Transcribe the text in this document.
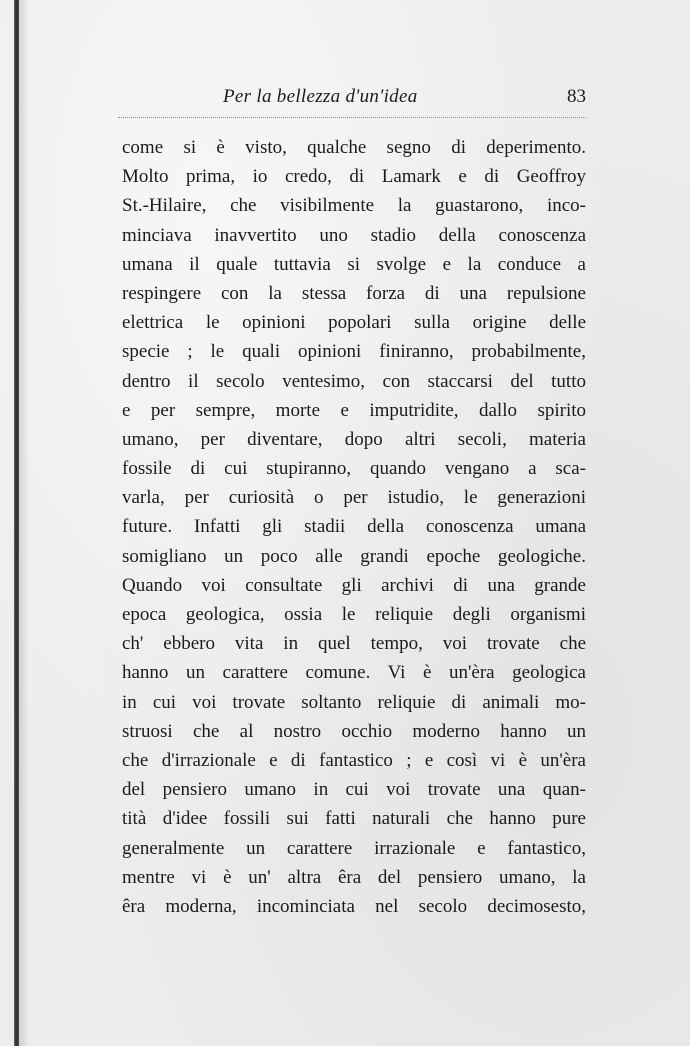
Per la bellezza d'un'idea	83
come si è visto, qualche segno di deperimento.
Molto prima, io credo, di Lamark e di Geoffroy
St.-Hilaire, che visibilmente la guastarono, inco-
minciava inavvertito uno stadio della conoscenza
umana il quale tuttavia si svolge e la conduce a
respingere con la stessa forza di una repulsione
elettrica le opinioni popolari sulla origine delle
specie ; le quali opinioni finiranno, probabilmente,
dentro il secolo ventesimo, con staccarsi del tutto
e per sempre, morte e imputridite, dallo spirito
umano, per diventare, dopo altri secoli, materia
fossile di cui stupiranno, quando vengano a sca-
varla, per curiosità o per istudio, le generazioni
future. Infatti gli stadii della conoscenza umana
somigliano un poco alle grandi epoche geologiche.
Quando voi consultate gli archivi di una grande
epoca geologica, ossia le reliquie degli organismi
ch' ebbero vita in quel tempo, voi trovate che
hanno un carattere comune. Vi è un'èra geologica
in cui voi trovate soltanto reliquie di animali mo-
struosi che al nostro occhio moderno hanno un
che d'irrazionale e di fantastico ; e così vi è un'èra
del pensiero umano in cui voi trovate una quan-
tità d'idee fossili sui fatti naturali che hanno pure
generalmente un carattere irrazionale e fantastico,
mentre vi è un' altra êra del pensiero umano, la
êra moderna, incominciata nel secolo decimosesto,
